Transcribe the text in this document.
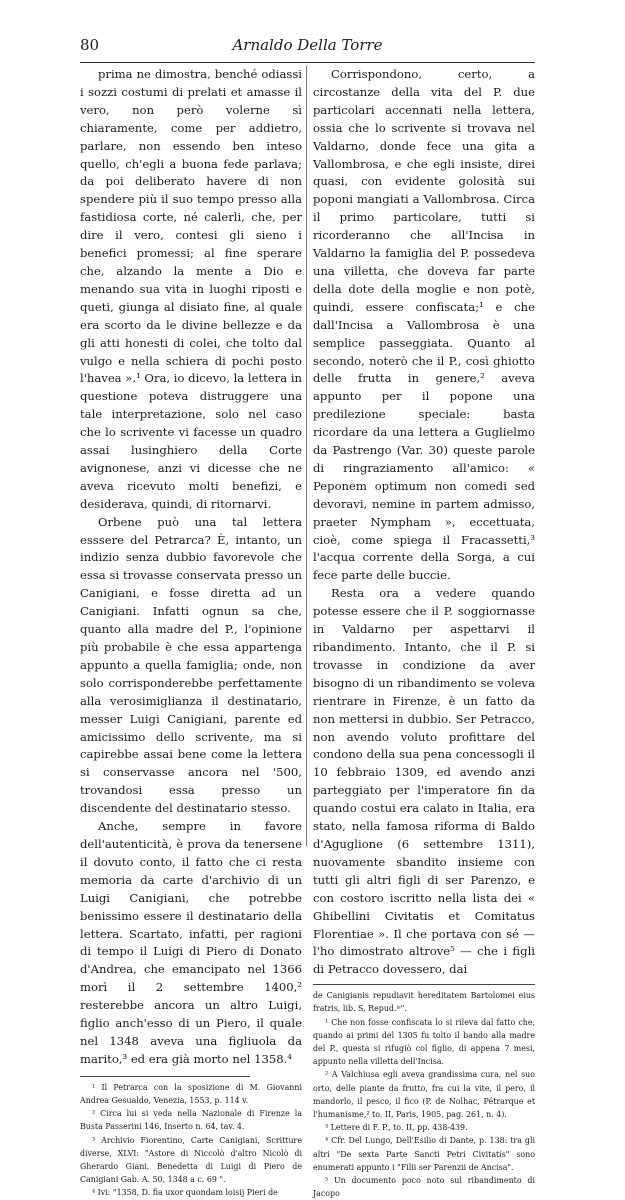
80	Arnaldo Della Torre

prima ne dimostra, benché odiassi i sozzi costumi di prelati et amasse il vero, non però volerne sì chiaramente, come per addietro, parlare, non essendo ben inteso quello, ch'egli a buona fede parlava; da poi deliberato havere di non spendere più il suo tempo presso alla fastidiosa corte, né calerli, che, per dire il vero, contesi gli sieno i benefici promessi; al fine sperare che, alzando la mente a Dio e menando sua vita in luoghi riposti e queti, giunga al disiato fine, al quale era scorto da le divine bellezze e da gli atti honesti di colei, che tolto dal vulgo e nella schiera di pochi posto l'havea ».¹ Ora, io dicevo, la lettera in questione poteva distruggere una tale interpretazione, solo nel caso che lo scrivente vi facesse un quadro assai lusinghiero della Corte avignonese, anzi vi dicesse che ne aveva ricevuto molti benefizi, e desiderava, quindi, di ritornarvi.

Orbene può una tal lettera esssere del Petrarca? È, intanto, un indizio senza dubbio favorevole che essa si trovasse conservata presso un Canigiani, e fosse diretta ad un Canigiani. Infatti ognun sa che, quanto alla madre del P., l'opinione più probabile è che essa appartenga appunto a quella famiglia; onde, non solo corrisponderebbe perfettamente alla verosimiglianza il destinatario, messer Luigi Canigiani, parente ed amicissimo dello scrivente, ma si capirebbe assai bene come la lettera si conservasse ancora nel '500, trovandosi essa presso un discendente del destinatario stesso.

Anche, sempre in favore dell'autenticità, è prova da tenersene il dovuto conto, il fatto che ci resta memoria da carte d'archivio di un Luigi Canigiani, che potrebbe benissimo essere il destinatario della lettera. Scartato, infatti, per ragioni di tempo il Luigi di Piero di Donato d'Andrea, che emancipato nel 1366 morì il 2 settembre 1400,² resterebbe ancora un altro Luigi, figlio anch'esso di un Piero, il quale nel 1348 aveva una figliuola da marito,³ ed era già morto nel 1358.⁴

¹ Il Petrarca con la sposizione di M. Giovanni Andrea Gesualdo, Venezia, 1553, p. 114 v.

² Circa lui si veda nella Nazionale di Firenze la Busta Passerini 146, Inserto n. 64, tav. 4.

³ Archivio Fiorentino, Carte Canigiani, Scritture diverse, XLVI: "Astore di Niccolò d'altro Nicolò di Gherardo Giani, Benedetta di Luigi di Piero de Canigiani Gab. A. 50, 1348 a c. 69 ".

⁴ Ivi: "1358, D. fia uxor quondam loisij Pieri de

Corrispondono, certo, a circostanze della vita del P. due particolari accennati nella lettera, ossia che lo scrivente si trovava nel Valdarno, donde fece una gita a Vallombrosa, e che egli insiste, direi quasi, con evidente golosità sui poponi mangiati a Vallombrosa. Circa il primo particolare, tutti si ricorderanno che all'Incisa in Valdarno la famiglia del P. possedeva una villetta, che doveva far parte della dote della moglie e non potè, quindi, essere confiscata;¹ e che dall'Incisa a Vallombrosa è una semplice passeggiata. Quanto al secondo, noterò che il P., così ghiotto delle frutta in genere,² aveva appunto per il popone una predilezione speciale: basta ricordare da una lettera a Guglielmo da Pastrengo (Var. 30) queste parole di ringraziamento all'amico: « Peponem optimum non comedi sed devoravi, nemine in partem admisso, praeter Nympham », eccettuata, cioè, come spiega il Fracassetti,³ l'acqua corrente della Sorga, a cui fece parte delle buccie.

Resta ora a vedere quando potesse essere che il P. soggiornasse in Valdarno per aspettarvi il ribandimento. Intanto, che il P. si trovasse in condizione da aver bisogno di un ribandimento se voleva rientrare in Firenze, è un fatto da non mettersi in dubbio. Ser Petracco, non avendo voluto profittare del condono della sua pena concessogli il 10 febbraio 1309, ed avendo anzi parteggiato per l'imperatore fin da quando costui era calato in Italia, era stato, nella famosa riforma di Baldo d'Aguglione (6 settembre 1311), nuovamente sbandito insieme con tutti gli altri figli di ser Parenzo, e con costoro iscritto nella lista dei « Ghibellini Civitatis et Comitatus Florentiae ». Il che portava con sé — l'ho dimostrato altrove⁵ — che i figli di Petracco dovessero, dai

de Canigianis repudiavit hereditatem Bartolomei eius fratris, lib. S, Repud.ⁱˢ".

¹ Che non fosse confiscata lo si rileva dal fatto che, quando ai primi del 1305 fu tolto il bando alla madre del P., questa si rifugiò col figlio, di appena 7 mesi, appunto nella villetta dell'Incisa.

² A Valchiusa egli aveva grandissima cura, nel suo orto, delle piante da frutto, fra cui la vite, il pero, il mandorlo, il pesco, il fico (P. de Nolhac, Pétrarque et l'humanisme,² to. II, Paris, 1905, pag. 261, n. 4).

³ Lettere di F. P., to. II, pp. 438-439.

⁴ Cfr. Del Lungo, Dell'Esilio di Dante, p. 138: tra gli altri "De sexta Parte Sancti Petri Civitatis" sono enumerati appunto i "Filii ser Parenzii de Ancisa".

⁵ Un documento poco noto sul ribandimento di Jacopo
